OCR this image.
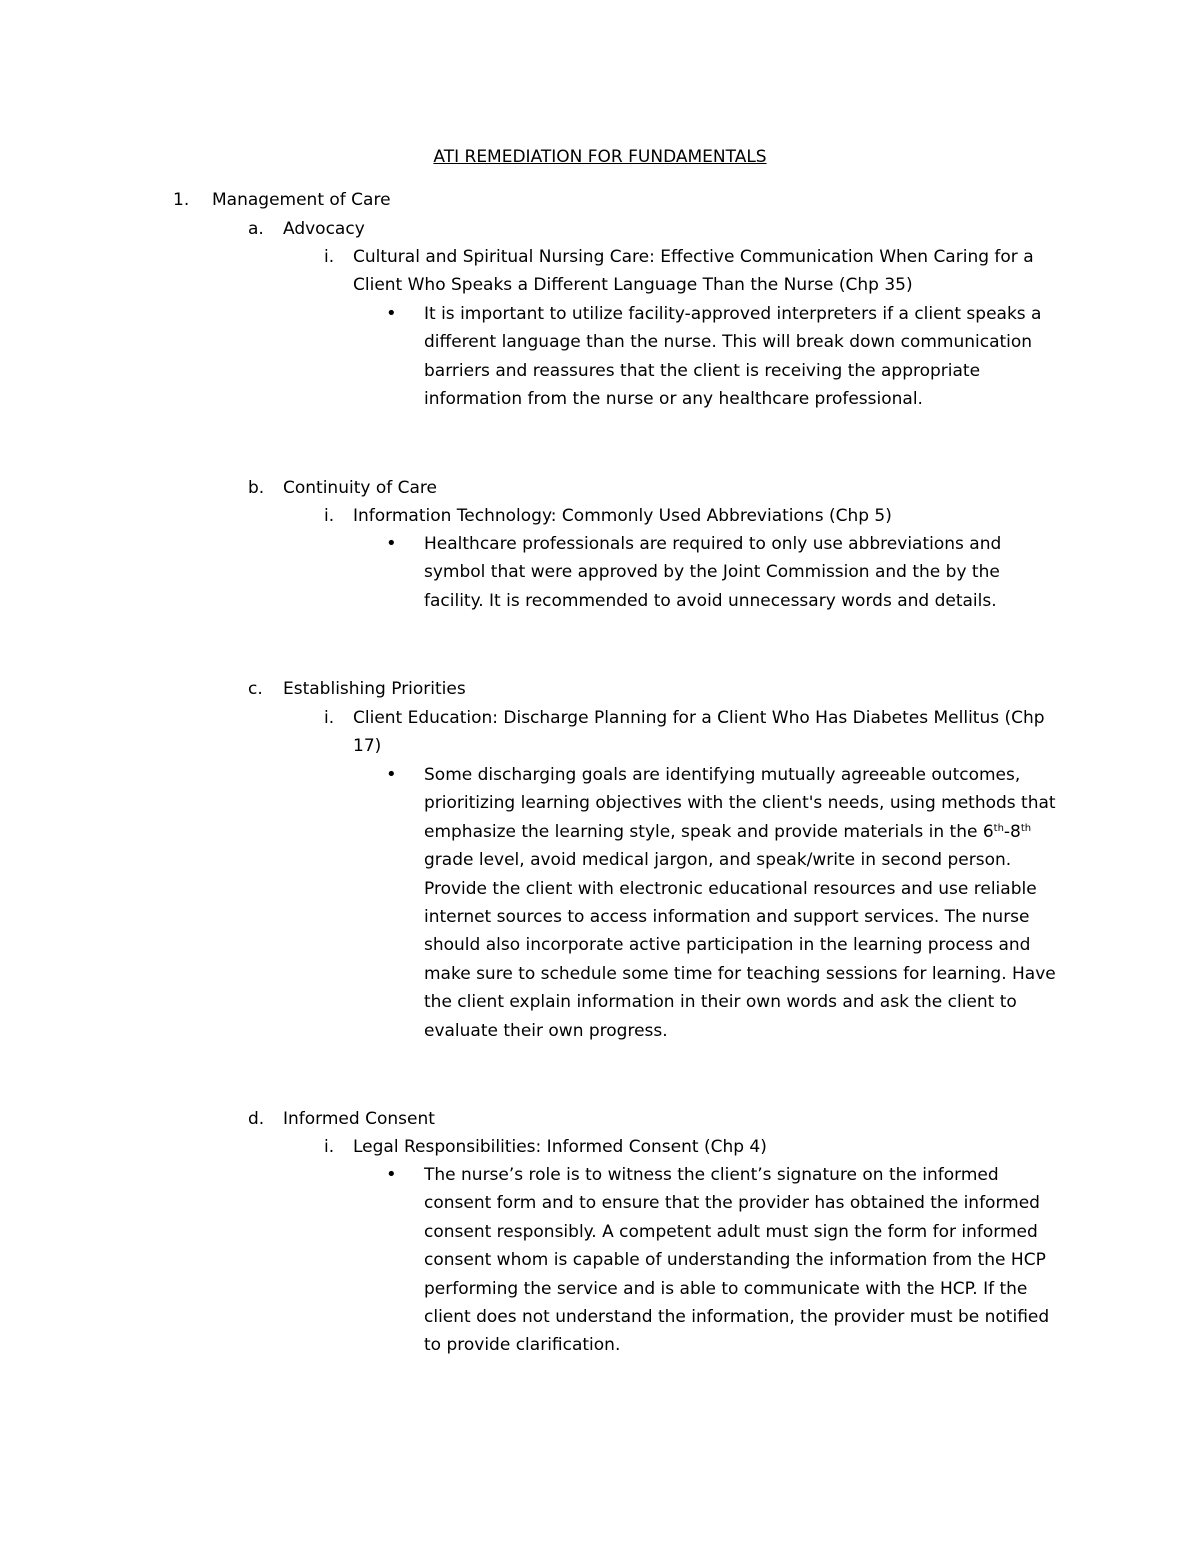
ATI REMEDIATION FOR FUNDAMENTALS
1. Management of Care
a. Advocacy
i. Cultural and Spiritual Nursing Care: Effective Communication When Caring for a Client Who Speaks a Different Language Than the Nurse (Chp 35)
• It is important to utilize facility-approved interpreters if a client speaks a different language than the nurse. This will break down communication barriers and reassures that the client is receiving the appropriate information from the nurse or any healthcare professional.
b. Continuity of Care
i. Information Technology: Commonly Used Abbreviations (Chp 5)
• Healthcare professionals are required to only use abbreviations and symbol that were approved by the Joint Commission and the by the facility. It is recommended to avoid unnecessary words and details.
c. Establishing Priorities
i. Client Education: Discharge Planning for a Client Who Has Diabetes Mellitus (Chp 17)
• Some discharging goals are identifying mutually agreeable outcomes, prioritizing learning objectives with the client's needs, using methods that emphasize the learning style, speak and provide materials in the 6th-8th grade level, avoid medical jargon, and speak/write in second person. Provide the client with electronic educational resources and use reliable internet sources to access information and support services. The nurse should also incorporate active participation in the learning process and make sure to schedule some time for teaching sessions for learning. Have the client explain information in their own words and ask the client to evaluate their own progress.
d. Informed Consent
i. Legal Responsibilities: Informed Consent (Chp 4)
• The nurse’s role is to witness the client’s signature on the informed consent form and to ensure that the provider has obtained the informed consent responsibly. A competent adult must sign the form for informed consent whom is capable of understanding the information from the HCP performing the service and is able to communicate with the HCP. If the client does not understand the information, the provider must be notified to provide clarification.
